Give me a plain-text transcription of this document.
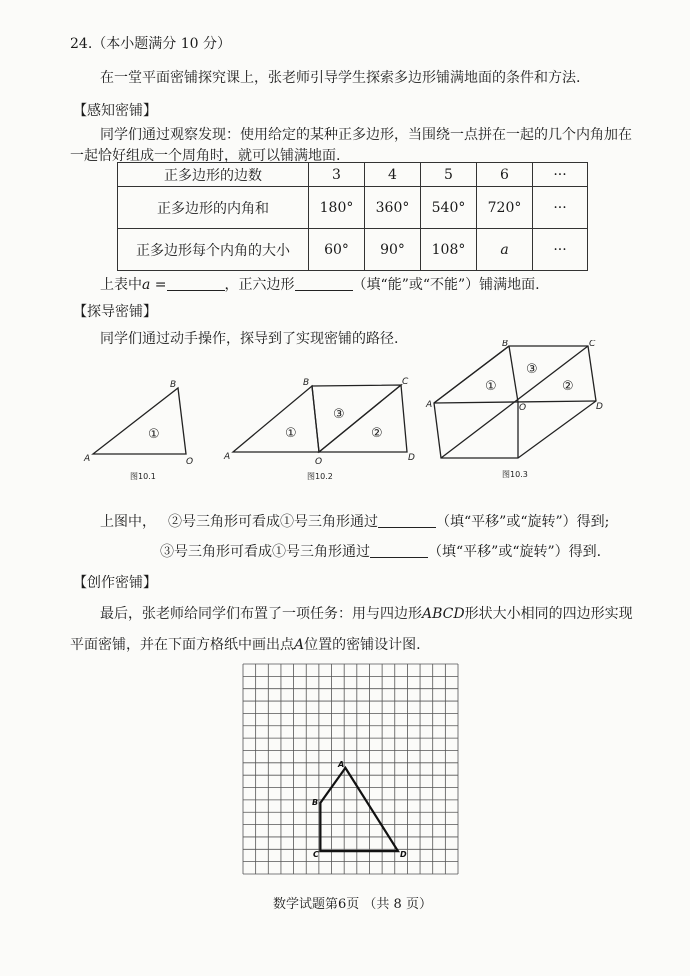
24.（本小题满分 10 分）
在一堂平面密铺探究课上，张老师引导学生探索多边形铺满地面的条件和方法.
【感知密铺】
同学们通过观察发现：使用给定的某种正多边形，当围绕一点拼在一起的几个内角加在
一起恰好组成一个周角时，就可以铺满地面.
正多边形的边数	3	4	5	6	···
正多边形的内角和	180°	360°	540°	720°	···
正多边形每个内角的大小	60°	90°	108°	a	···
上表中a =	，正六边形	（填“能”或“不能”）铺满地面.
【探导密铺】
同学们通过动手操作，探导到了实现密铺的路径.
A
B
O	A
B	C
O	D
A
B	C
O	D
①	①
③
②
①
③
②
图10.1	图10.2	图10.3
上图中， ②号三角形可看成①号三角形通过	（填“平移”或“旋转”）得到;
③号三角形可看成①号三角形通过	（填“平移”或“旋转”）得到.
【创作密铺】
最后，张老师给同学们布置了一项任务：用与四边形ABCD形状大小相同的四边形实现
平面密铺，并在下面方格纸中画出点A位置的密铺设计图.
A
B
C	D
数学试题第6页 （共 8 页）
